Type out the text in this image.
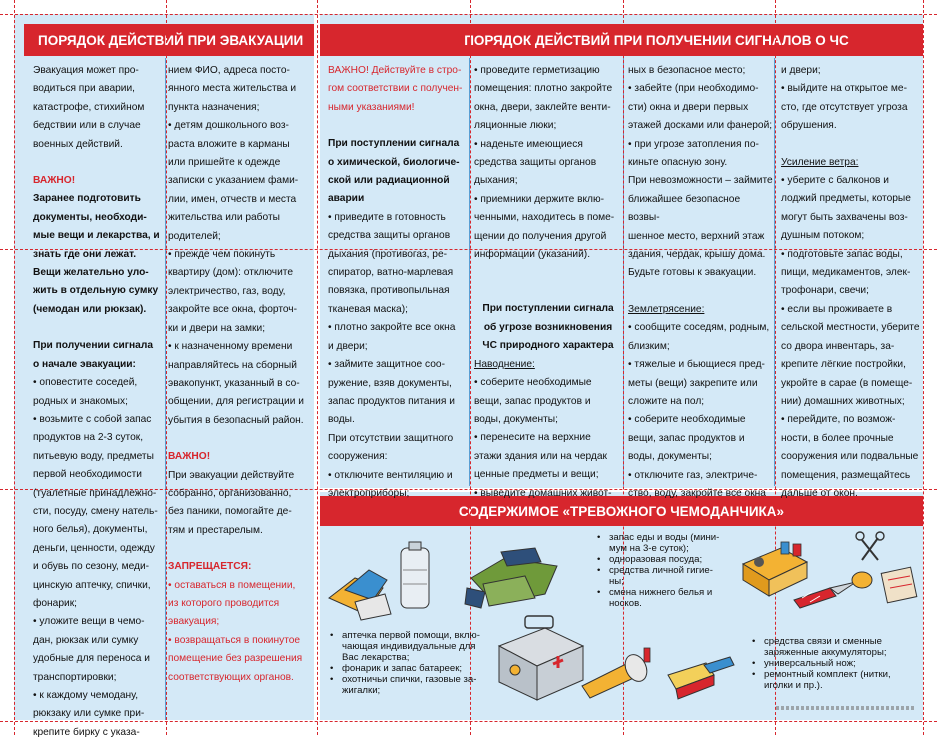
ПОРЯДОК ДЕЙСТВИЙ ПРИ ЭВАКУАЦИИ	ПОРЯДОК ДЕЙСТВИЙ ПРИ ПОЛУЧЕНИИ СИГНАЛОВ О ЧС
СОДЕРЖИМОЕ «ТРЕВОЖНОГО ЧЕМОДАНЧИКА»

Эвакуация может про-

водиться при аварии,

катастрофе, стихийном

бедствии или в случае

военных действий.

ВАЖНО!

Заранее подготовить

документы, необходи-

мые вещи и лекарства, и

знать где они лежат.

Вещи желательно уло-

жить в отдельную сумку

(чемодан или рюкзак).

При получении сигнала

о начале эвакуации:

• оповестите соседей,

родных и знакомых;

• возьмите с собой запас

продуктов на 2-3 суток,

питьевую воду, предметы

первой необходимости

(туалетные принадлежно-

сти, посуду, смену натель-

ного белья), документы,

деньги, ценности, одежду

и обувь по сезону, меди-

цинскую аптечку, спички,

фонарик;

• уложите вещи в чемо-

дан, рюкзак или сумку

удобные для переноса и

транспортировки;

• к каждому чемодану,

рюкзаку или сумке при-

крепите бирку с указа-

нием ФИО, адреса посто-

янного места жительства и

пункта назначения;

• детям дошкольного воз-

раста вложите в карманы

или пришейте к одежде

записки с указанием фами-

лии, имен, отчеств и места

жительства или работы

родителей;

• прежде чем покинуть

квартиру (дом): отключите

электричество, газ, воду,

закройте все окна, форточ-

ки и двери на замки;

• к назначенному времени

направляйтесь на сборный

эвакопункт, указанный в со-

общении, для регистрации и

убытия в безопасный район.

ВАЖНО!

При эвакуации действуйте

собранно, организованно,

без паники, помогайте де-

тям и престарелым.

ЗАПРЕЩАЕТСЯ:

• оставаться в помещении,

из которого проводится

эвакуация;

• возвращаться в покинутое

помещение без разрешения

соответствующих органов.

ВАЖНО! Действуйте в стро-

гом соответствии с получен-

ными указаниями!

При поступлении сигнала

о химической, биологиче-

ской или радиационной

аварии

• приведите в готовность

средства защиты органов

дыхания (противогаз, ре-

спиратор, ватно-марлевая

повязка, противопыльная

тканевая маска);

• плотно закройте все окна

и двери;

• займите защитное соо-

ружение, взяв документы,

запас продуктов питания и

воды.

При отсутствии защитного

сооружения:

• отключите вентиляцию и

электроприборы;

• проведите герметизацию

помещения: плотно закройте

окна, двери, заклейте венти-

ляционные люки;

• наденьте имеющиеся

средства защиты органов

дыхания;

• приемники держите вклю-

ченными, находитесь в поме-

щении до получения другой

информации (указаний).

При поступлении сигнала

об угрозе возникновения

ЧС природного характера

Наводнение:

• соберите необходимые

вещи, запас продуктов и

воды, документы;

• перенесите на верхние

этажи здания или на чердак

ценные предметы и вещи;

• выведите домашних живот-

ных в безопасное место;

• забейте (при необходимо-

сти) окна и двери первых

этажей досками или фанерой;

• при угрозе затопления по-

киньте опасную зону.

При невозможности – займите

ближайшее безопасное возвы-

шенное место, верхний этаж

здания, чердак, крышу дома.

Будьте готовы к эвакуации.

Землетрясение:

• сообщите соседям, родным,

близким;

• тяжелые и бьющиеся пред-

меты (вещи) закрепите или

сложите на пол;

• соберите необходимые

вещи, запас продуктов и

воды, документы;

• отключите газ, электриче-

ство, воду, закройте все окна

и двери;

• выйдите на открытое ме-

сто, где отсутствует угроза

обрушения.

Усиление ветра:

• уберите с балконов и

лоджий предметы, которые

могут быть захвачены воз-

душным потоком;

• подготовьте запас воды,

пищи, медикаментов, элек-

трофонари, свечи;

• если вы проживаете в

сельской местности, уберите

со двора инвентарь, за-

крепите лёгкие постройки,

укройте в сарае (в помеще-

нии) домашних животных;

• перейдите, по возмож-

ности, в более прочные

сооружения или подвальные

помещения, размещайтесь

дальше от окон.

• запас еды и воды (мини-
мум на 3-е суток);
• одноразовая посуда;
• средства личной гигие-
ны;
• смена нижнего белья и
носков.
• аптечка первой помощи, вклю-
чающая индивидуальные для
Вас лекарства;
• фонарик и запас батареек;
• охотничьи спички, газовые за-
жигалки;
• средства связи и сменные
заряженные аккумуляторы;
• универсальный нож;
• ремонтный комплект (нитки,
иголки и пр.).
